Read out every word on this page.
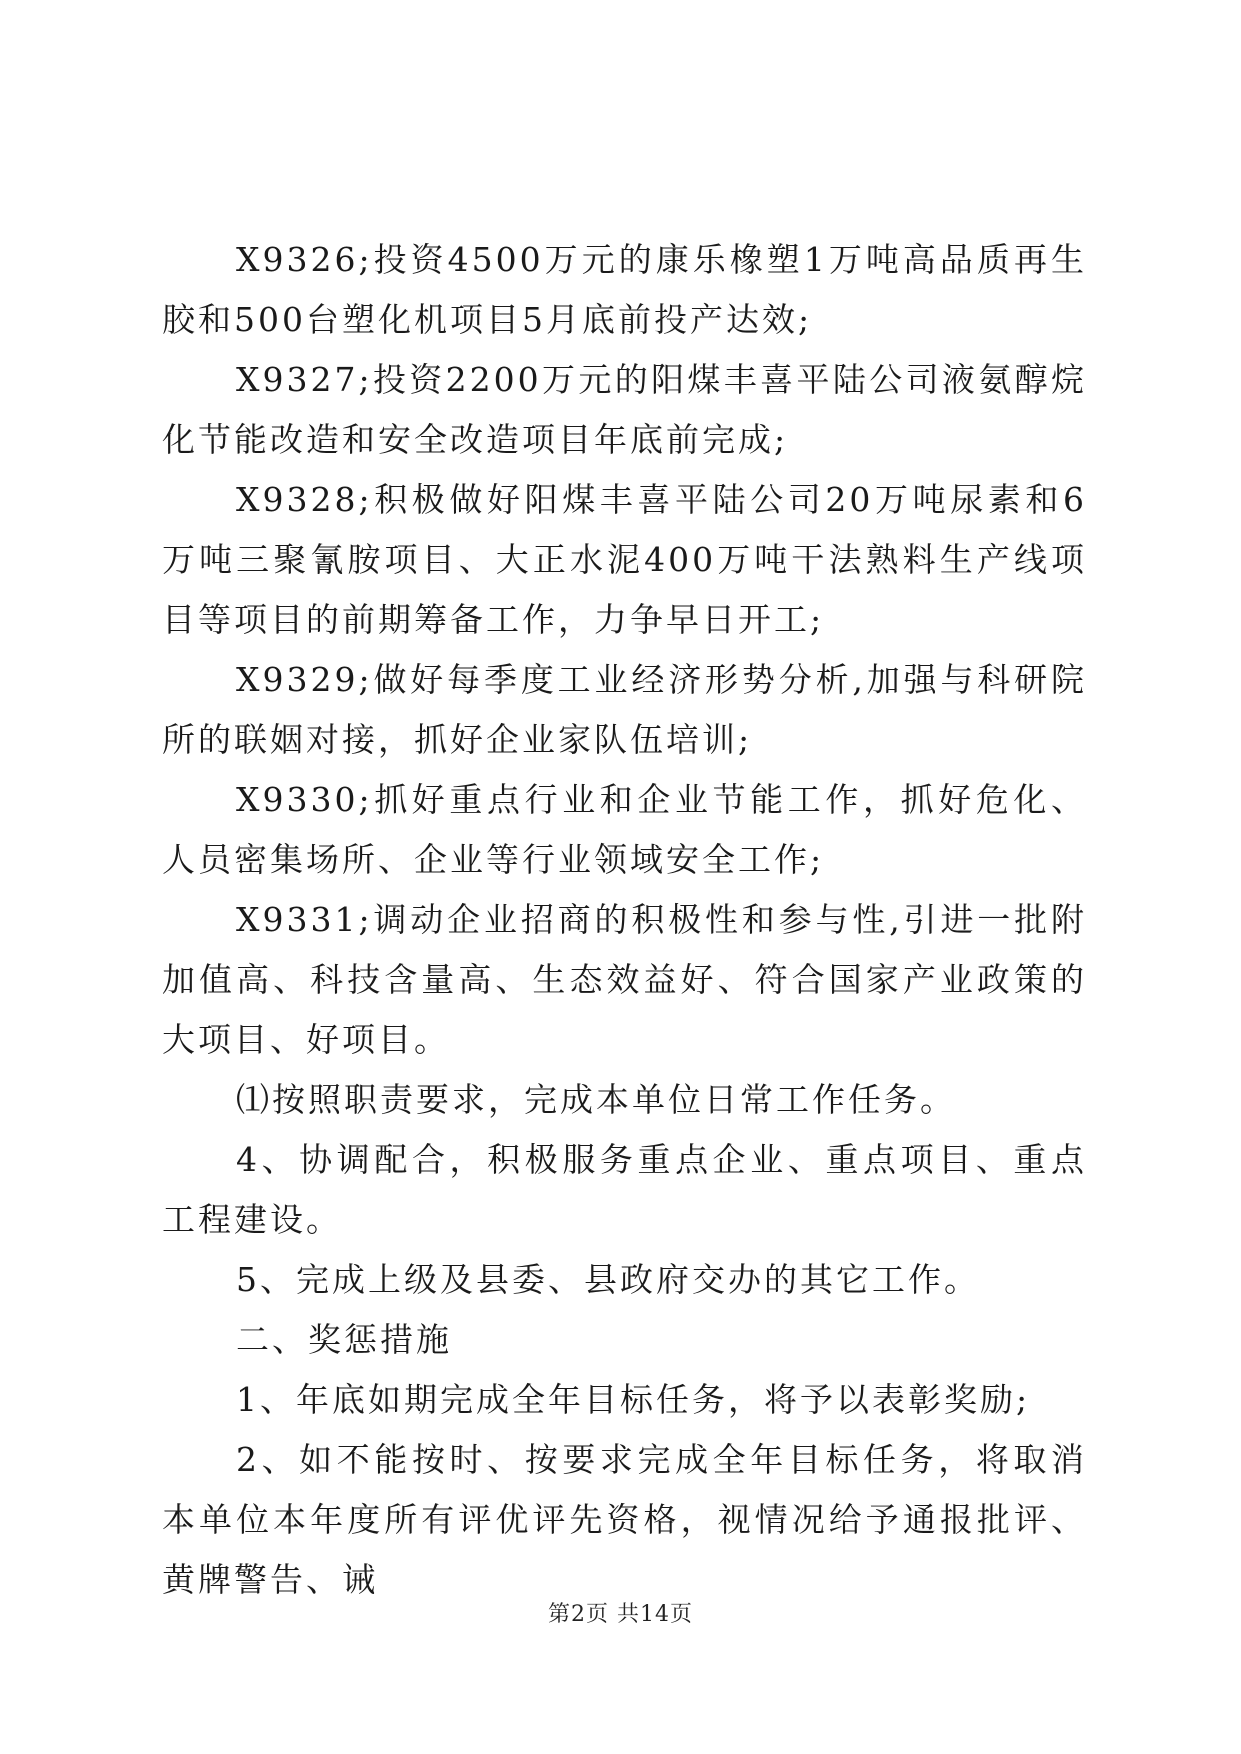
X9326;投资4500万元的康乐橡塑1万吨高品质再生胶和500台塑化机项目5月底前投产达效;

X9327;投资2200万元的阳煤丰喜平陆公司液氨醇烷化节能改造和安全改造项目年底前完成;

X9328;积极做好阳煤丰喜平陆公司20万吨尿素和6万吨三聚氰胺项目、大正水泥400万吨干法熟料生产线项目等项目的前期筹备工作，力争早日开工;

X9329;做好每季度工业经济形势分析,加强与科研院所的联姻对接，抓好企业家队伍培训;

X9330;抓好重点行业和企业节能工作，抓好危化、人员密集场所、企业等行业领域安全工作;

X9331;调动企业招商的积极性和参与性,引进一批附加值高、科技含量高、生态效益好、符合国家产业政策的大项目、好项目。

⑴按照职责要求，完成本单位日常工作任务。

4、协调配合，积极服务重点企业、重点项目、重点工程建设。

5、完成上级及县委、县政府交办的其它工作。

二、奖惩措施

1、年底如期完成全年目标任务，将予以表彰奖励;

2、如不能按时、按要求完成全年目标任务，将取消本单位本年度所有评优评先资格，视情况给予通报批评、黄牌警告、诫

第2页 共14页
